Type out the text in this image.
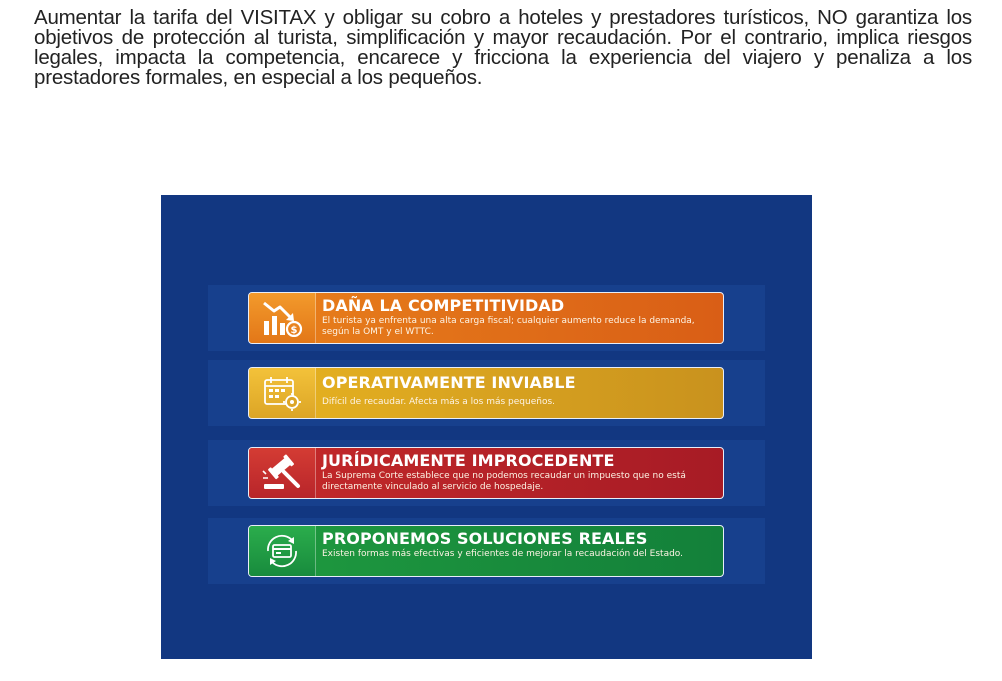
Aumentar la tarifa del VISITAX y obligar su cobro a hoteles y prestadores turísticos, NO garantiza los objetivos de protección al turista, simplificación y mayor recaudación. Por el contrario, implica riesgos legales, impacta la competencia, encarece y fricciona la experiencia del viajero y penaliza a los prestadores formales, en especial a los pequeños.

$
DAÑA LA COMPETITIVIDAD
El turista ya enfrenta una alta carga fiscal; cualquier aumento reduce la demanda, según la OMT y el WTTC.
OPERATIVAMENTE INVIABLE
Difícil de recaudar. Afecta más a los más pequeños.
JURÍDICAMENTE IMPROCEDENTE
La Suprema Corte establece que no podemos recaudar un impuesto que no está directamente vinculado al servicio de hospedaje.
PROPONEMOS SOLUCIONES REALES
Existen formas más efectivas y eficientes de mejorar la recaudación del Estado.
